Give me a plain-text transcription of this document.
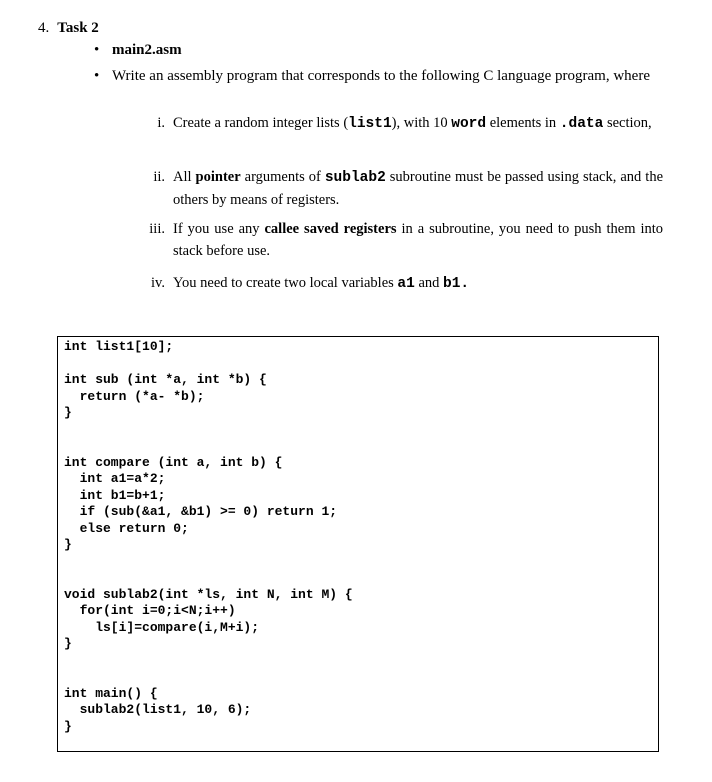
4. Task 2
• main2.asm
• Write an assembly program that corresponds to the following C language program, where
i. Create a random integer lists (list1), with 10 word elements in .data section,
ii. All pointer arguments of sublab2 subroutine must be passed using stack, and the others by means of registers.
iii. If you use any callee saved registers in a subroutine, you need to push them into stack before use.
iv. You need to create two local variables a1 and b1.
int list1[10];

int sub (int *a, int *b) {
return (*a- *b);
}

int compare (int a, int b) {
int a1=a*2;
int b1=b+1;
if (sub(&a1, &b1) >= 0) return 1;
else return 0;
}

void sublab2(int *ls, int N, int M) {
for(int i=0;i<N;i++)
ls[i]=compare(i,M+i);
}

int main() {
sublab2(list1, 10, 6);
}
